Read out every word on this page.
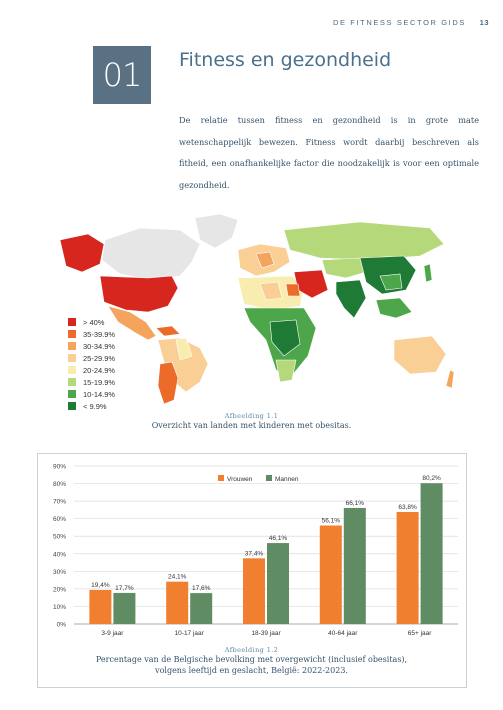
DE FITNESS SECTOR GIDS 13
01 Fitness en gezondheid

De relatie tussen fitness en gezondheid is in grote mate wetenschappelijk bewezen. Fitness wordt daarbij beschreven als fitheid, een onafhankelijke factor die noodzakelijk is voor een optimale gezondheid.

> 40%
35-39.9%
30-34.9%
25-29.9%
20-24.9%
15-19.9%
10-14.9%
< 9.9%
Afbeelding 1.1
Overzicht van landen met kinderen met obesitas.
0%
10%
20%
30%
40%
50%
60%
70%
80%
90%
19,4% 17,7%
3-9 jaar
24,1%
17,6%
10-17 jaar
37,4%
46,1%
18-39 jaar
56,1%
66,1%
40-64 jaar
63,8%
80,2%
65+ jaar
Vrouwen	Mannen
Afbeelding 1.2
Percentage van de Belgische bevolking met overgewicht (inclusief obesitas),
volgens leeftijd en geslacht, België: 2022-2023.
